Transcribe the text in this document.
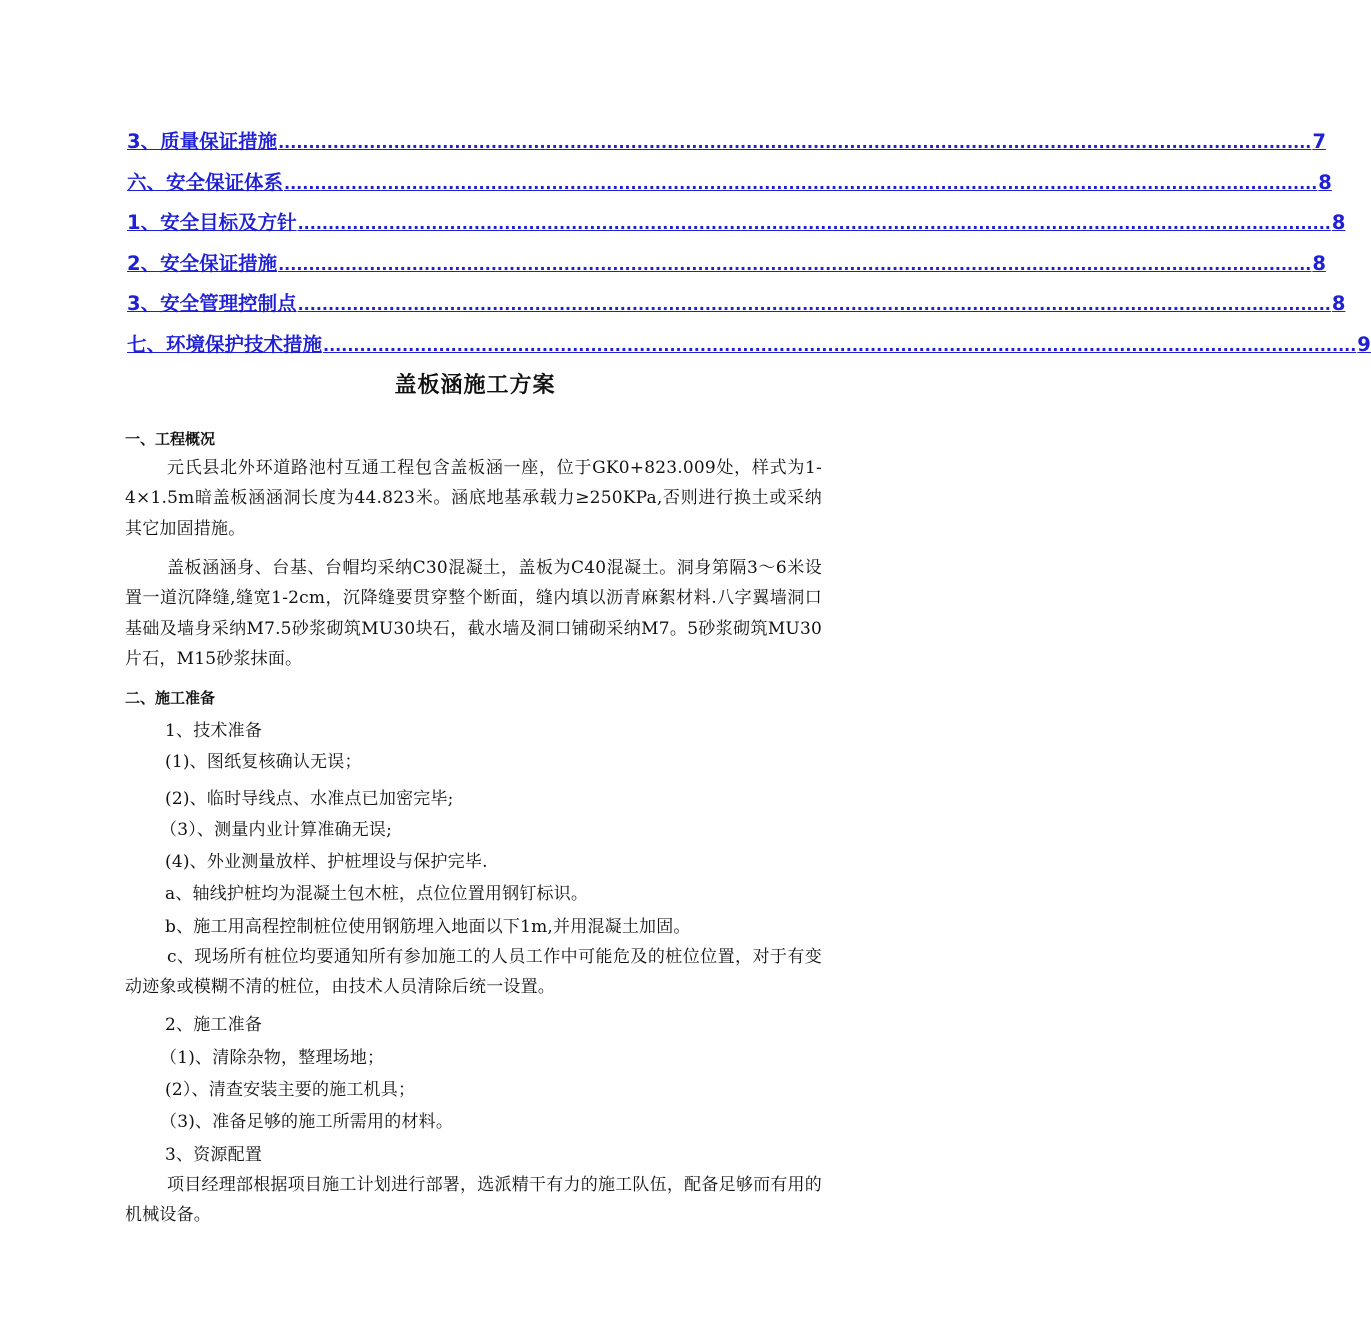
3、质量保证措施 .......................................................................................................................................................................... 7
六、安全保证体系 .......................................................................................................................................................................... 8
1、安全目标及方针 .......................................................................................................................................................................... 8
2、安全保证措施 .......................................................................................................................................................................... 8
3、安全管理控制点 .......................................................................................................................................................................... 8
七、环境保护技术措施 .......................................................................................................................................................................... 9
盖板涵施工方案
一、工程概况
元氏县北外环道路池村互通工程包含盖板涵一座，位于GK0+823.009处，样式为1-4×1.5m暗盖板涵涵洞长度为44.823米。涵底地基承载力≥250KPa,否则进行换土或采纳其它加固措施。
盖板涵涵身、台基、台帽均采纳C30混凝土，盖板为C40混凝土。洞身第隔3～6米设置一道沉降缝,缝宽1-2cm，沉降缝要贯穿整个断面，缝内填以沥青麻絮材料.八字翼墙洞口基础及墙身采纳M7.5砂浆砌筑MU30块石，截水墙及洞口铺砌采纳M7。5砂浆砌筑MU30片石，M15砂浆抹面。
二、施工准备
1、技术准备
(1)、图纸复核确认无误；
(2)、临时导线点、水准点已加密完毕;
（3）、测量内业计算准确无误;
(4)、外业测量放样、护桩埋设与保护完毕.
a、轴线护桩均为混凝土包木桩，点位位置用钢钉标识。
b、施工用高程控制桩位使用钢筋埋入地面以下1m,并用混凝土加固。
c、现场所有桩位均要通知所有参加施工的人员工作中可能危及的桩位位置，对于有变动迹象或模糊不清的桩位，由技术人员清除后统一设置。
2、施工准备
（1)、清除杂物，整理场地；
(2）、清查安装主要的施工机具；
（3)、准备足够的施工所需用的材料。
3、资源配置
项目经理部根据项目施工计划进行部署，选派精干有力的施工队伍，配备足够而有用的机械设备。
